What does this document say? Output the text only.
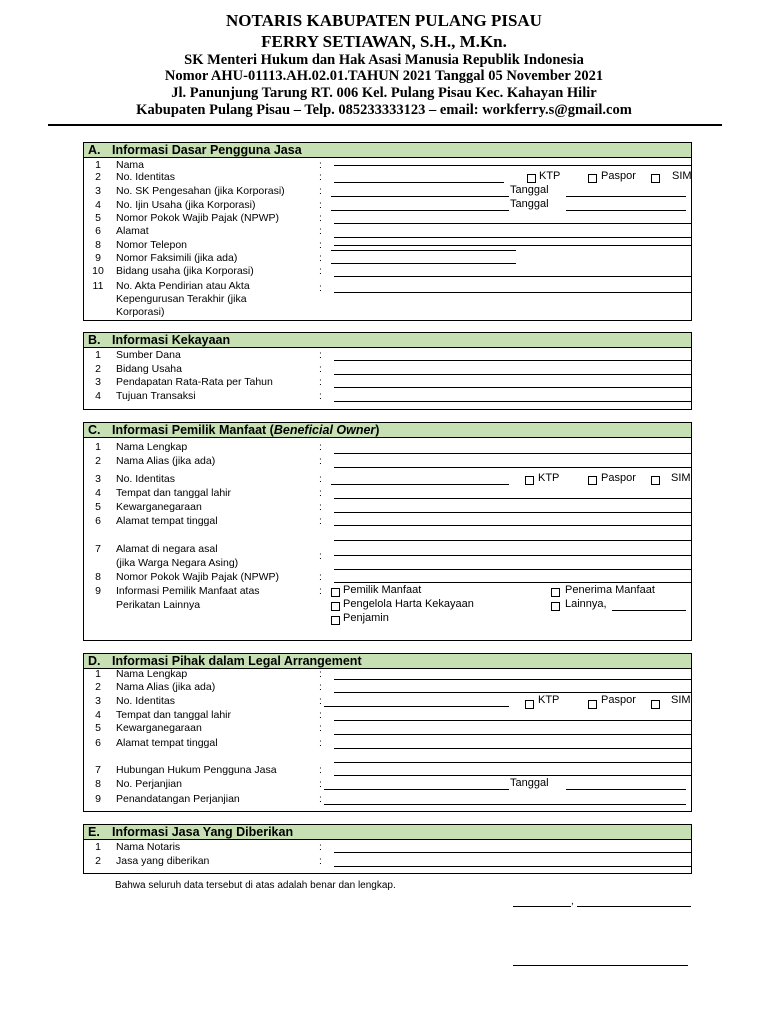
NOTARIS KABUPATEN PULANG PISAU
FERRY SETIAWAN, S.H., M.Kn.
SK Menteri Hukum dan Hak Asasi Manusia Republik Indonesia
Nomor AHU-01113.AH.02.01.TAHUN 2021 Tanggal 05 November 2021
Jl. Panunjung Tarung RT. 006 Kel. Pulang Pisau Kec. Kahayan Hilir
Kabupaten Pulang Pisau – Telp. 085233333123 – email: workferry.s@gmail.com
A. Informasi Dasar Pengguna Jasa
1	Nama	:
2	No. Identitas	:	KTP	Paspor	SIM
3	No. SK Pengesahan (jika Korporasi)	:	Tanggal
4	No. Ijin Usaha (jika Korporasi)	:	Tanggal
5	Nomor Pokok Wajib Pajak (NPWP)	:
6	Alamat	:
8	Nomor Telepon	:
9	Nomor Faksimili (jika ada)	:
10	Bidang usaha (jika Korporasi)	:
11	No. Akta Pendirian atau Akta
Kepengurusan Terakhir (jika
Korporasi)
:
B. Informasi Kekayaan
1	Sumber Dana	:
2	Bidang Usaha	:
3	Pendapatan Rata-Rata per Tahun	:
4	Tujuan Transaksi	:
C. Informasi Pemilik Manfaat (Beneficial Owner)
1	Nama Lengkap	:
2	Nama Alias (jika ada)	:
3	No. Identitas	:	KTP	Paspor	SIM
4	Tempat dan tanggal lahir	:
5	Kewarganegaraan	:
6	Alamat tempat tinggal	:
7	Alamat di negara asal
(jika Warga Negara Asing)
:
8	Nomor Pokok Wajib Pajak (NPWP)	:
9	Informasi Pemilik Manfaat atas
Perikatan Lainnya
: Pemilik Manfaat	Penerima Manfaat
Pengelola Harta Kekayaan	Lainnya,
Penjamin
D. Informasi Pihak dalam Legal Arrangement
1	Nama Lengkap	:
2	Nama Alias (jika ada)	:
3	No. Identitas	:	KTP	Paspor	SIM
4	Tempat dan tanggal lahir	:
5	Kewarganegaraan	:
6	Alamat tempat tinggal	:
7	Hubungan Hukum Pengguna Jasa	:
8	No. Perjanjian	:	Tanggal
9	Penandatangan Perjanjian	:
E. Informasi Jasa Yang Diberikan
1	Nama Notaris	:
2	Jasa yang diberikan	:
Bahwa seluruh data tersebut di atas adalah benar dan lengkap.
,
